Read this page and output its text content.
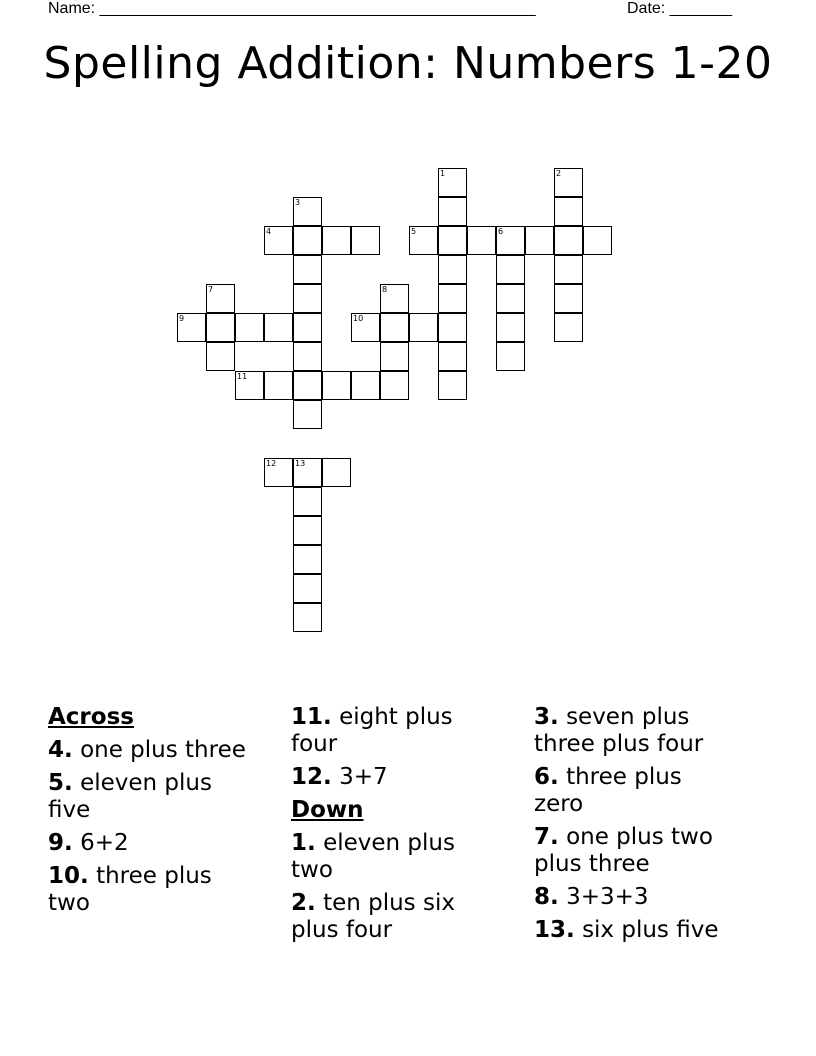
Name: _________________________________________________	Date: _______
Spelling Addition: Numbers 1-20
1	2
3
4	5	6
7	8
9	10
11
12 13
Across
4. one plus three
5. eleven plus five
9. 6+2
10. three plus two
11. eight plus four
12. 3+7
Down
1. eleven plus two
2. ten plus six plus four
3. seven plus three plus four
6. three plus zero
7. one plus two plus three
8. 3+3+3
13. six plus five
